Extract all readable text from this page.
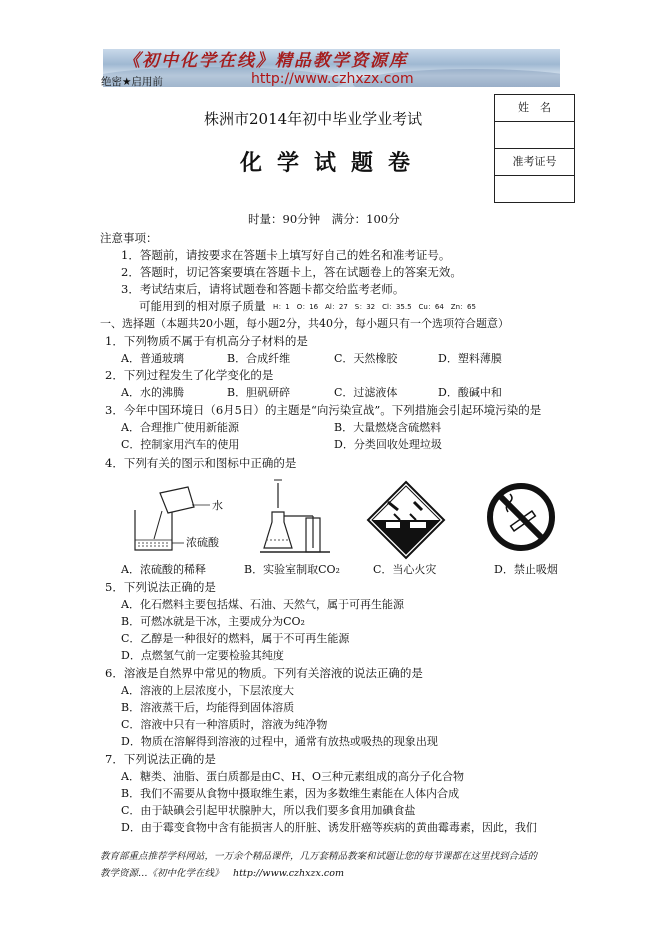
《初中化学在线》精品教学资源库
http://www.czhxzx.com
绝密★启用前
姓　名
准考证号
株洲市2014年初中毕业学业考试
化学试题卷
时量：90分钟　满分：100分
注意事项：
1．答题前，请按要求在答题卡上填写好自己的姓名和准考证号。
2．答题时，切记答案要填在答题卡上，答在试题卷上的答案无效。
3．考试结束后，请将试题卷和答题卡都交给监考老师。
可能用到的相对原子质量 H：1　O：16　Al：27　S：32　Cl：35.5　Cu：64　Zn：65
一、选择题（本题共20小题，每小题2分，共40分，每小题只有一个选项符合题意）
1．下列物质不属于有机高分子材料的是
A．普通玻璃	B．合成纤维	C．天然橡胶	D．塑料薄膜
2．下列过程发生了化学变化的是
A．水的沸腾	B．胆矾研碎	C．过滤液体	D．酸碱中和
3．今年中国环境日（6月5日）的主题是“向污染宣战”。下列措施会引起环境污染的是
A．合理推广使用新能源	B．大量燃烧含硫燃料
C．控制家用汽车的使用	D．分类回收处理垃圾
4．下列有关的图示和图标中正确的是
水
浓硫酸
A．浓硫酸的稀释	B．实验室制取CO₂	C．当心火灾	D．禁止吸烟
5．下列说法正确的是
A．化石燃料主要包括煤、石油、天然气，属于可再生能源
B．可燃冰就是干冰，主要成分为CO₂
C．乙醇是一种很好的燃料，属于不可再生能源
D．点燃氢气前一定要检验其纯度
6．溶液是自然界中常见的物质。下列有关溶液的说法正确的是
A．溶液的上层浓度小，下层浓度大
B．溶液蒸干后，均能得到固体溶质
C．溶液中只有一种溶质时，溶液为纯净物
D．物质在溶解得到溶液的过程中，通常有放热或吸热的现象出现
7．下列说法正确的是
A．糖类、油脂、蛋白质都是由C、H、O三种元素组成的高分子化合物
B．我们不需要从食物中摄取维生素，因为多数维生素能在人体内合成
C．由于缺碘会引起甲状腺肿大，所以我们要多食用加碘食盐
D．由于霉变食物中含有能损害人的肝脏、诱发肝癌等疾病的黄曲霉毒素，因此，我们
教育部重点推荐学科网站，一万余个精品课件，几万套精品教案和试题让您的每节课都在这里找到合适的
教学资源…《初中化学在线》 http://www.czhxzx.com
